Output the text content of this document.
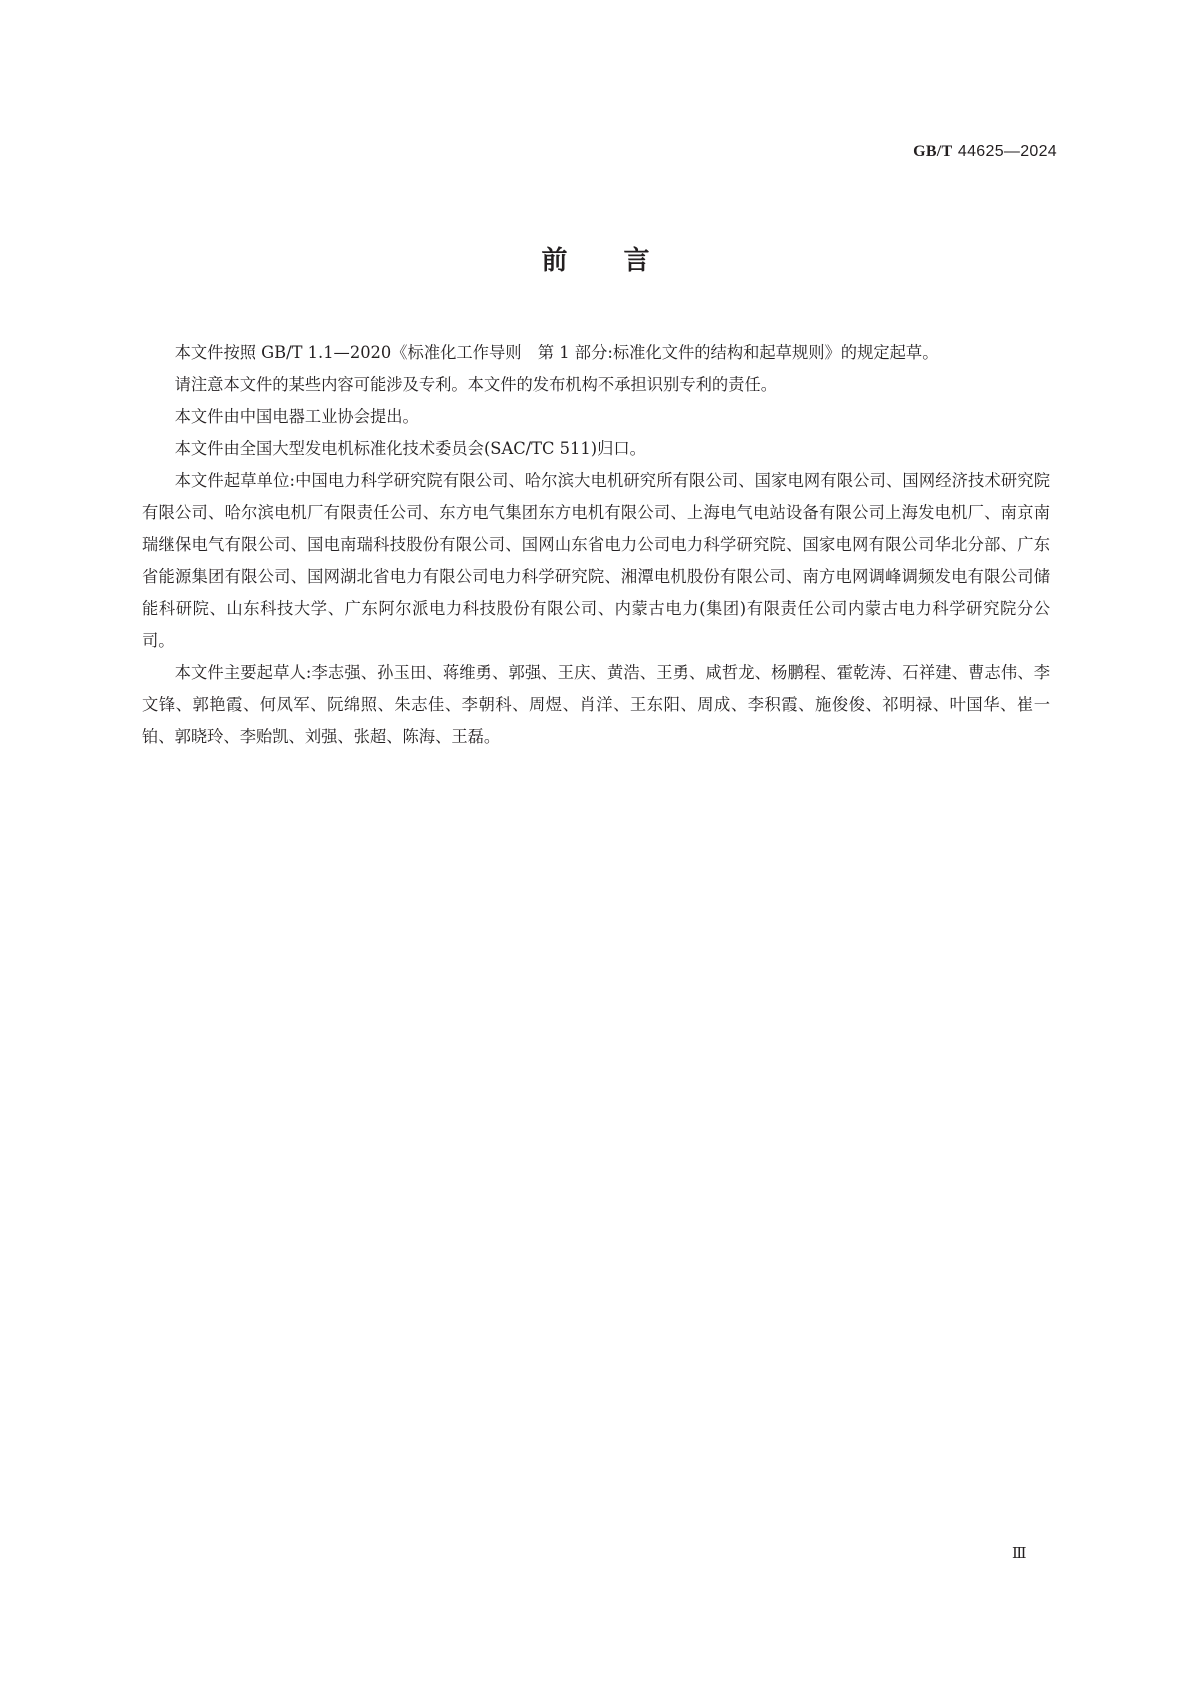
GB/T 44625—2024
前言

本文件按照 GB/T 1.1—2020《标准化工作导则　第 1 部分:标准化文件的结构和起草规则》的规定起草。

请注意本文件的某些内容可能涉及专利。本文件的发布机构不承担识别专利的责任。

本文件由中国电器工业协会提出。

本文件由全国大型发电机标准化技术委员会(SAC/TC 511)归口。

本文件起草单位:中国电力科学研究院有限公司、哈尔滨大电机研究所有限公司、国家电网有限公司、国网经济技术研究院有限公司、哈尔滨电机厂有限责任公司、东方电气集团东方电机有限公司、上海电气电站设备有限公司上海发电机厂、南京南瑞继保电气有限公司、国电南瑞科技股份有限公司、国网山东省电力公司电力科学研究院、国家电网有限公司华北分部、广东省能源集团有限公司、国网湖北省电力有限公司电力科学研究院、湘潭电机股份有限公司、南方电网调峰调频发电有限公司储能科研院、山东科技大学、广东阿尔派电力科技股份有限公司、内蒙古电力(集团)有限责任公司内蒙古电力科学研究院分公司。

本文件主要起草人:李志强、孙玉田、蒋维勇、郭强、王庆、黄浩、王勇、咸哲龙、杨鹏程、霍乾涛、石祥建、曹志伟、李文锋、郭艳霞、何凤军、阮绵照、朱志佳、李朝科、周煜、肖洋、王东阳、周成、李积霞、施俊俊、祁明禄、叶国华、崔一铂、郭晓玲、李贻凯、刘强、张超、陈海、王磊。

Ⅲ
